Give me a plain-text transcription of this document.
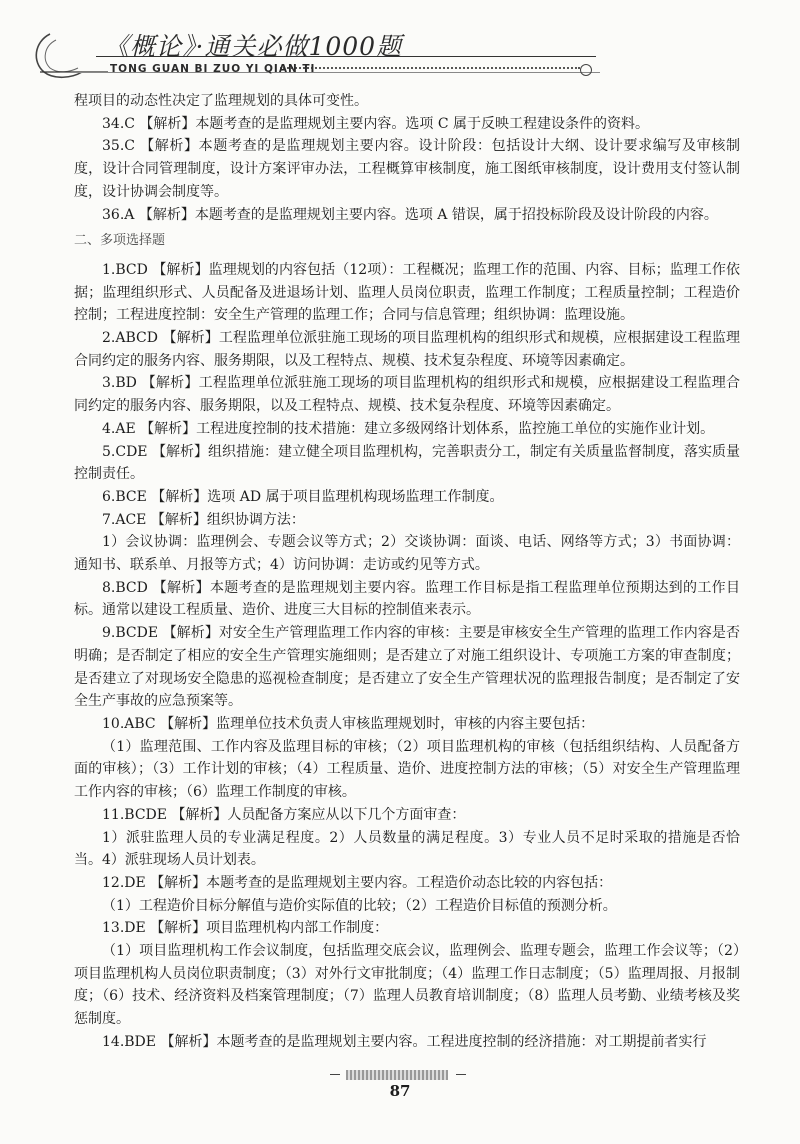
《概论》·通关必做1000题
TONG GUAN BI ZUO YI QIAN TI

程项目的动态性决定了监理规划的具体可变性。

34.C 【解析】本题考查的是监理规划主要内容。选项 C 属于反映工程建设条件的资料。

35.C 【解析】本题考查的是监理规划主要内容。设计阶段：包括设计大纲、设计要求编写及审核制度，设计合同管理制度，设计方案评审办法，工程概算审核制度，施工图纸审核制度，设计费用支付签认制度，设计协调会制度等。

36.A 【解析】本题考查的是监理规划主要内容。选项 A 错误，属于招投标阶段及设计阶段的内容。

二、多项选择题

1.BCD 【解析】监理规划的内容包括（12项）：工程概况；监理工作的范围、内容、目标；监理工作依据；监理组织形式、人员配备及进退场计划、监理人员岗位职责，监理工作制度；工程质量控制；工程造价控制；工程进度控制：安全生产管理的监理工作；合同与信息管理；组织协调：监理设施。

2.ABCD 【解析】工程监理单位派驻施工现场的项目监理机构的组织形式和规模，应根据建设工程监理合同约定的服务内容、服务期限，以及工程特点、规模、技术复杂程度、环境等因素确定。

3.BD 【解析】工程监理单位派驻施工现场的项目监理机构的组织形式和规模，应根据建设工程监理合同约定的服务内容、服务期限，以及工程特点、规模、技术复杂程度、环境等因素确定。

4.AE 【解析】工程进度控制的技术措施：建立多级网络计划体系，监控施工单位的实施作业计划。

5.CDE 【解析】组织措施：建立健全项目监理机构，完善职责分工，制定有关质量监督制度，落实质量控制责任。

6.BCE 【解析】选项 AD 属于项目监理机构现场监理工作制度。

7.ACE 【解析】组织协调方法：

1）会议协调：监理例会、专题会议等方式；2）交谈协调：面谈、电话、网络等方式；3）书面协调：通知书、联系单、月报等方式；4）访问协调：走访或约见等方式。

8.BCD 【解析】本题考查的是监理规划主要内容。监理工作目标是指工程监理单位预期达到的工作目标。通常以建设工程质量、造价、进度三大目标的控制值来表示。

9.BCDE 【解析】对安全生产管理监理工作内容的审核：主要是审核安全生产管理的监理工作内容是否明确；是否制定了相应的安全生产管理实施细则；是否建立了对施工组织设计、专项施工方案的审查制度；是否建立了对现场安全隐患的巡视检查制度；是否建立了安全生产管理状况的监理报告制度；是否制定了安全生产事故的应急预案等。

10.ABC 【解析】监理单位技术负责人审核监理规划时，审核的内容主要包括：

（1）监理范围、工作内容及监理目标的审核；（2）项目监理机构的审核（包括组织结构、人员配备方面的审核）；（3）工作计划的审核；（4）工程质量、造价、进度控制方法的审核；（5）对安全生产管理监理工作内容的审核；（6）监理工作制度的审核。

11.BCDE 【解析】人员配备方案应从以下几个方面审查：

1）派驻监理人员的专业满足程度。2）人员数量的满足程度。3）专业人员不足时采取的措施是否恰当。4）派驻现场人员计划表。

12.DE 【解析】本题考查的是监理规划主要内容。工程造价动态比较的内容包括：

（1）工程造价目标分解值与造价实际值的比较；（2）工程造价目标值的预测分析。

13.DE 【解析】项目监理机构内部工作制度：

（1）项目监理机构工作会议制度，包括监理交底会议，监理例会、监理专题会，监理工作会议等；（2）项目监理机构人员岗位职责制度；（3）对外行文审批制度；（4）监理工作日志制度；（5）监理周报、月报制度；（6）技术、经济资料及档案管理制度；（7）监理人员教育培训制度；（8）监理人员考勤、业绩考核及奖惩制度。

14.BDE 【解析】本题考查的是监理规划主要内容。工程进度控制的经济措施：对工期提前者实行

87
